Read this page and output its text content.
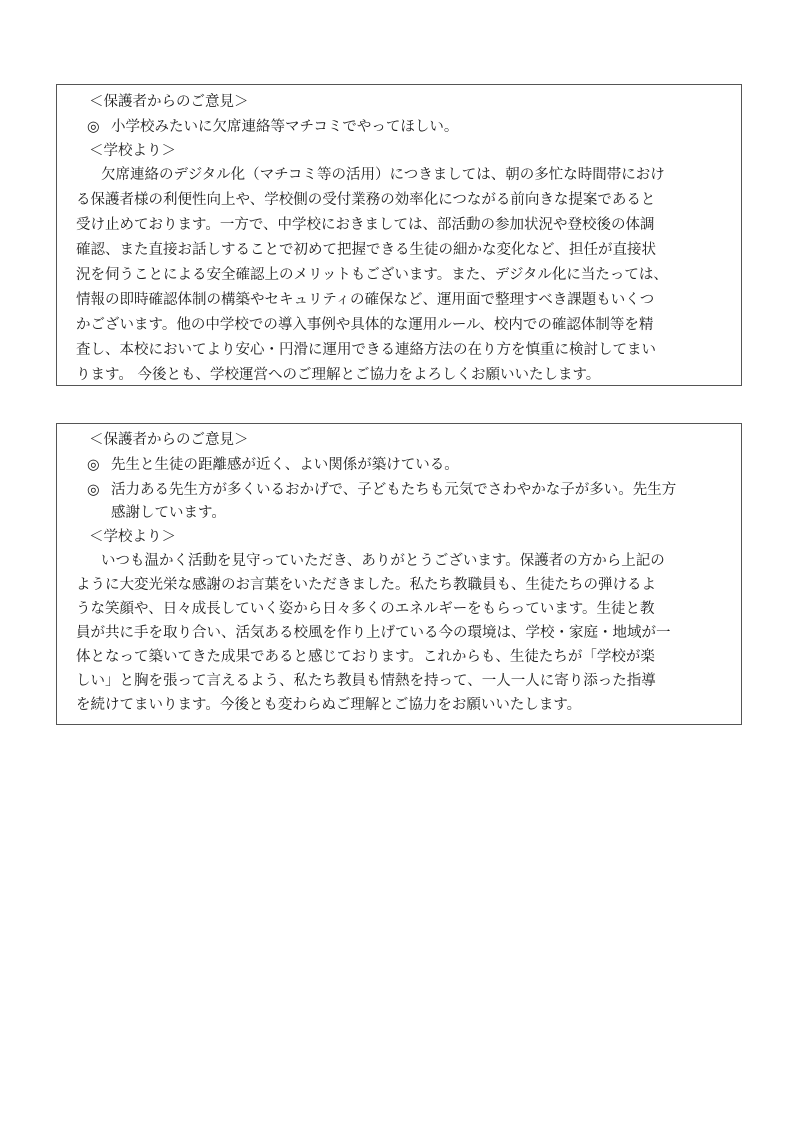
＜保護者からのご意見＞
◎ 小学校みたいに欠席連絡等マチコミでやってほしい。
＜学校より＞
欠席連絡のデジタル化（マチコミ等の活用）につきましては、朝の多忙な時間帯におけ
る保護者様の利便性向上や、学校側の受付業務の効率化につながる前向きな提案であると
受け止めております。一方で、中学校におきましては、部活動の参加状況や登校後の体調
確認、また直接お話しすることで初めて把握できる生徒の細かな変化など、担任が直接状
況を伺うことによる安全確認上のメリットもございます。また、デジタル化に当たっては、
情報の即時確認体制の構築やセキュリティの確保など、運用面で整理すべき課題もいくつ
かございます。他の中学校での導入事例や具体的な運用ルール、校内での確認体制等を精
査し、本校においてより安心・円滑に運用できる連絡方法の在り方を慎重に検討してまい
ります。 今後とも、学校運営へのご理解とご協力をよろしくお願いいたします。
＜保護者からのご意見＞
◎ 先生と生徒の距離感が近く、よい関係が築けている。
◎ 活力ある先生方が多くいるおかげで、子どもたちも元気でさわやかな子が多い。先生方
感謝しています。
＜学校より＞
いつも温かく活動を見守っていただき、ありがとうございます。保護者の方から上記の
ように大変光栄な感謝のお言葉をいただきました。私たち教職員も、生徒たちの弾けるよ
うな笑顔や、日々成長していく姿から日々多くのエネルギーをもらっています。生徒と教
員が共に手を取り合い、活気ある校風を作り上げている今の環境は、学校・家庭・地域が一
体となって築いてきた成果であると感じております。これからも、生徒たちが「学校が楽
しい」と胸を張って言えるよう、私たち教員も情熱を持って、一人一人に寄り添った指導
を続けてまいります。今後とも変わらぬご理解とご協力をお願いいたします。
